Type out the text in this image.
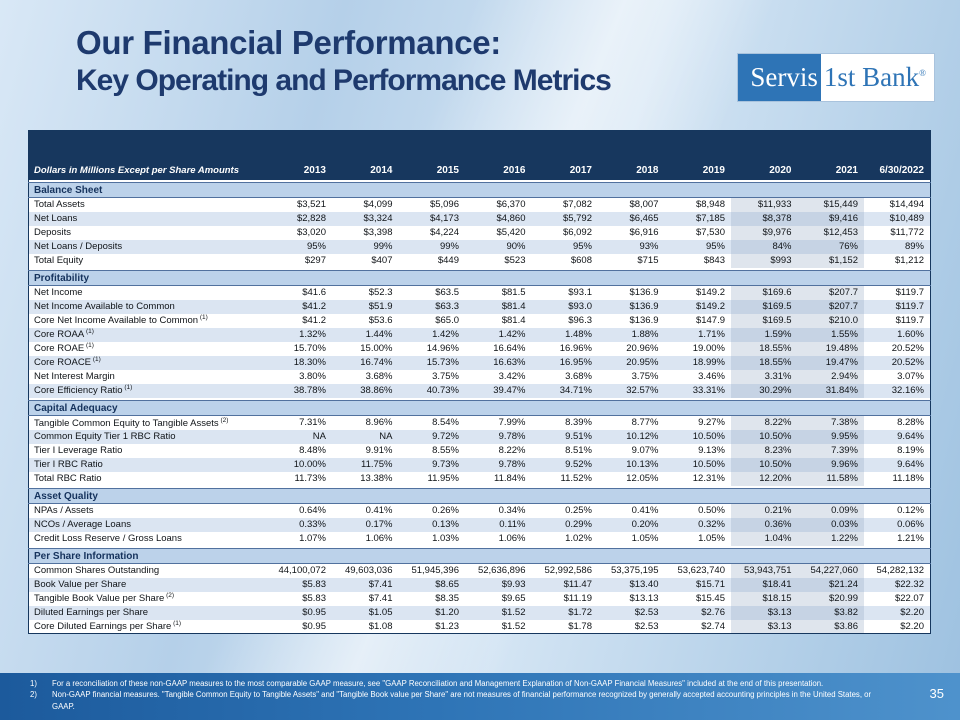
Our Financial Performance:
Key Operating and Performance Metrics	Servis 1st Bank®
Dollars in Millions Except per Share Amounts	2013	2014	2015	2016	2017	2018	2019	2020	2021	6/30/2022

Balance Sheet										
Total Assets	$3,521	$4,099	$5,096	$6,370	$7,082	$8,007	$8,948	$11,933	$15,449	$14,494
Net Loans	$2,828	$3,324	$4,173	$4,860	$5,792	$6,465	$7,185	$8,378	$9,416	$10,489
Deposits	$3,020	$3,398	$4,224	$5,420	$6,092	$6,916	$7,530	$9,976	$12,453	$11,772
Net Loans / Deposits	95%	99%	99%	90%	95%	93%	95%	84%	76%	89%
Total Equity	$297	$407	$449	$523	$608	$715	$843	$993	$1,152	$1,212

Profitability										
Net Income	$41.6	$52.3	$63.5	$81.5	$93.1	$136.9	$149.2	$169.6	$207.7	$119.7
Net Income Available to Common	$41.2	$51.9	$63.3	$81.4	$93.0	$136.9	$149.2	$169.5	$207.7	$119.7
Core Net Income Available to Common $^{(1)}$	$41.2	$53.6	$65.0	$81.4	$96.3	$136.9	$147.9	$169.5	$210.0	$119.7
Core ROAA $^{(1)}$	1.32%	1.44%	1.42%	1.42%	1.48%	1.88%	1.71%	1.59%	1.55%	1.60%
Core ROAE $^{(1)}$	15.70%	15.00%	14.96%	16.64%	16.96%	20.96%	19.00%	18.55%	19.48%	20.52%
Core ROACE $^{(1)}$	18.30%	16.74%	15.73%	16.63%	16.95%	20.95%	18.99%	18.55%	19.47%	20.52%
Net Interest Margin	3.80%	3.68%	3.75%	3.42%	3.68%	3.75%	3.46%	3.31%	2.94%	3.07%
Core Efficiency Ratio $^{(1)}$	38.78%	38.86%	40.73%	39.47%	34.71%	32.57%	33.31%	30.29%	31.84%	32.16%

Capital Adequacy										
Tangible Common Equity to Tangible Assets $^{(2)}$	7.31%	8.96%	8.54%	7.99%	8.39%	8.77%	9.27%	8.22%	7.38%	8.28%
Common Equity Tier 1 RBC Ratio	NA	NA	9.72%	9.78%	9.51%	10.12%	10.50%	10.50%	9.95%	9.64%
Tier I Leverage Ratio	8.48%	9.91%	8.55%	8.22%	8.51%	9.07%	9.13%	8.23%	7.39%	8.19%
Tier I RBC Ratio	10.00%	11.75%	9.73%	9.78%	9.52%	10.13%	10.50%	10.50%	9.96%	9.64%
Total RBC Ratio	11.73%	13.38%	11.95%	11.84%	11.52%	12.05%	12.31%	12.20%	11.58%	11.18%

Asset Quality										
NPAs / Assets	0.64%	0.41%	0.26%	0.34%	0.25%	0.41%	0.50%	0.21%	0.09%	0.12%
NCOs / Average Loans	0.33%	0.17%	0.13%	0.11%	0.29%	0.20%	0.32%	0.36%	0.03%	0.06%
Credit Loss Reserve / Gross Loans	1.07%	1.06%	1.03%	1.06%	1.02%	1.05%	1.05%	1.04%	1.22%	1.21%

Per Share Information										
Common Shares Outstanding	44,100,072	49,603,036	51,945,396	52,636,896	52,992,586	53,375,195	53,623,740	53,943,751	54,227,060	54,282,132
Book Value per Share	$5.83	$7.41	$8.65	$9.93	$11.47	$13.40	$15.71	$18.41	$21.24	$22.32
Tangible Book Value per Share $^{(2)}$	$5.83	$7.41	$8.35	$9.65	$11.19	$13.13	$15.45	$18.15	$20.99	$22.07
Diluted Earnings per Share	$0.95	$1.05	$1.20	$1.52	$1.72	$2.53	$2.76	$3.13	$3.82	$2.20
Core Diluted Earnings per Share $^{(1)}$	$0.95	$1.08	$1.23	$1.52	$1.78	$2.53	$2.74	$3.13	$3.86	$2.20
1)	For a reconciliation of these non-GAAP measures to the most comparable GAAP measure, see "GAAP Reconciliation and Management Explanation of Non-GAAP Financial Measures" included at the end of this presentation.
2)	Non-GAAP financial measures. "Tangible Common Equity to Tangible Assets" and "Tangible Book value per Share" are not measures of financial performance recognized by generally accepted accounting principles in the United States, or GAAP.
35
